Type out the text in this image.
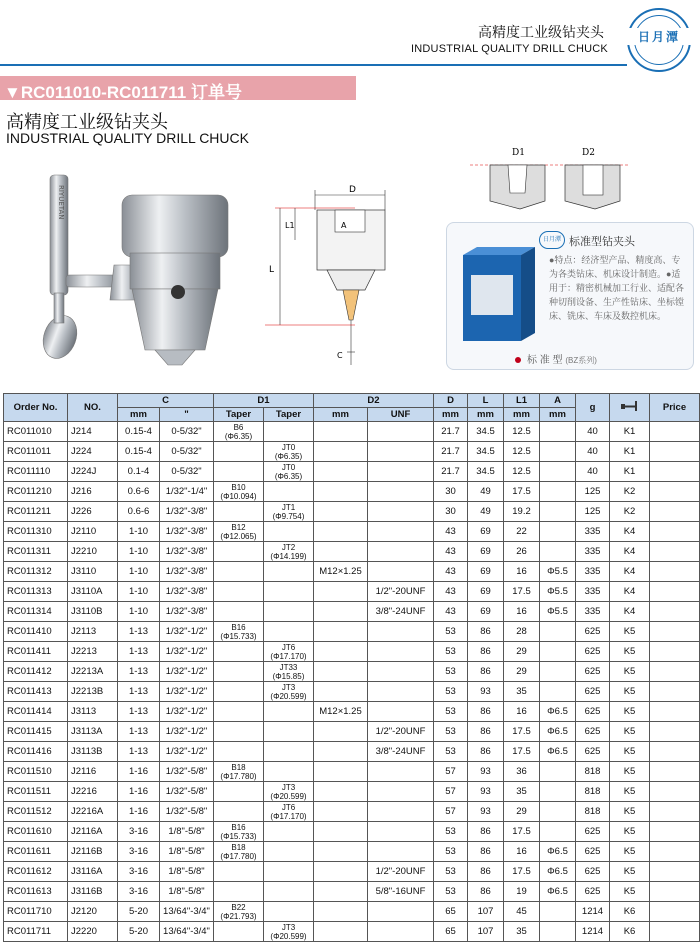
高精度工业级钻夹头
INDUSTRIAL QUALITY DRILL CHUCK
日月潭
▼RC011010-RC011711 订单号
高精度工业级钻夹头
INDUSTRIAL QUALITY DRILL CHUCK
RIYUETAN	D
A
L1
L
C
D1	D2
日月潭 标准型钻夹头
●特点：经济型产品、精度高、专为各类钻床、机床设计制造。●适用于：精密机械加工行业、适配各种切削设备、生产性钻床、坐标镗床、铣床、车床及数控机床。
标 准 型 (BZ系列)
Order No.	NO.	C		D1		D2		D	L	L1	A	g		Price
		mm	"	Taper	Taper	mm	UNF	mm	mm	mm	mm			
RC011010	J214	0.15-4	0-5/32"	B6
(Φ6.35)				21.7	34.5	12.5		40	K1	
RC011011	J224	0.15-4	0-5/32"		JT0
(Φ6.35)			21.7	34.5	12.5		40	K1	
RC011110	J224J	0.1-4	0-5/32"		JT0
(Φ6.35)			21.7	34.5	12.5		40	K1	
RC011210	J216	0.6-6	1/32"-1/4"	B10
(Φ10.094)				30	49	17.5		125	K2	
RC011211	J226	0.6-6	1/32"-3/8"		JT1
(Φ9.754)			30	49	19.2		125	K2	
RC011310	J2110	1-10	1/32"-3/8"	B12
(Φ12.065)				43	69	22		335	K4	
RC011311	J2210	1-10	1/32"-3/8"		JT2
(Φ14.199)			43	69	26		335	K4	
RC011312	J3110	1-10	1/32"-3/8"			M12×1.25		43	69	16	Φ5.5	335	K4	
RC011313	J3110A	1-10	1/32"-3/8"				1/2"-20UNF	43	69	17.5	Φ5.5	335	K4	
RC011314	J3110B	1-10	1/32"-3/8"				3/8"-24UNF	43	69	16	Φ5.5	335	K4	
RC011410	J2113	1-13	1/32"-1/2"	B16
(Φ15.733)				53	86	28		625	K5	
RC011411	J2213	1-13	1/32"-1/2"		JT6
(Φ17.170)			53	86	29		625	K5	
RC011412	J2213A	1-13	1/32"-1/2"		JT33
(Φ15.85)			53	86	29		625	K5	
RC011413	J2213B	1-13	1/32"-1/2"		JT3
(Φ20.599)			53	93	35		625	K5	
RC011414	J3113	1-13	1/32"-1/2"			M12×1.25		53	86	16	Φ6.5	625	K5	
RC011415	J3113A	1-13	1/32"-1/2"				1/2"-20UNF	53	86	17.5	Φ6.5	625	K5	
RC011416	J3113B	1-13	1/32"-1/2"				3/8"-24UNF	53	86	17.5	Φ6.5	625	K5	
RC011510	J2116	1-16	1/32"-5/8"	B18
(Φ17.780)				57	93	36		818	K5	
RC011511	J2216	1-16	1/32"-5/8"		JT3
(Φ20.599)			57	93	35		818	K5	
RC011512	J2216A	1-16	1/32"-5/8"		JT6
(Φ17.170)			57	93	29		818	K5	
RC011610	J2116A	3-16	1/8"-5/8"	B16
(Φ15.733)				53	86	17.5		625	K5	
RC011611	J2116B	3-16	1/8"-5/8"	B18
(Φ17.780)				53	86	16	Φ6.5	625	K5	
RC011612	J3116A	3-16	1/8"-5/8"				1/2"-20UNF	53	86	17.5	Φ6.5	625	K5	
RC011613	J3116B	3-16	1/8"-5/8"				5/8"-16UNF	53	86	19	Φ6.5	625	K5	
RC011710	J2120	5-20	13/64"-3/4"	B22
(Φ21.793)				65	107	45		1214	K6	
RC011711	J2220	5-20	13/64"-3/4"		JT3
(Φ20.599)			65	107	35		1214	K6	
